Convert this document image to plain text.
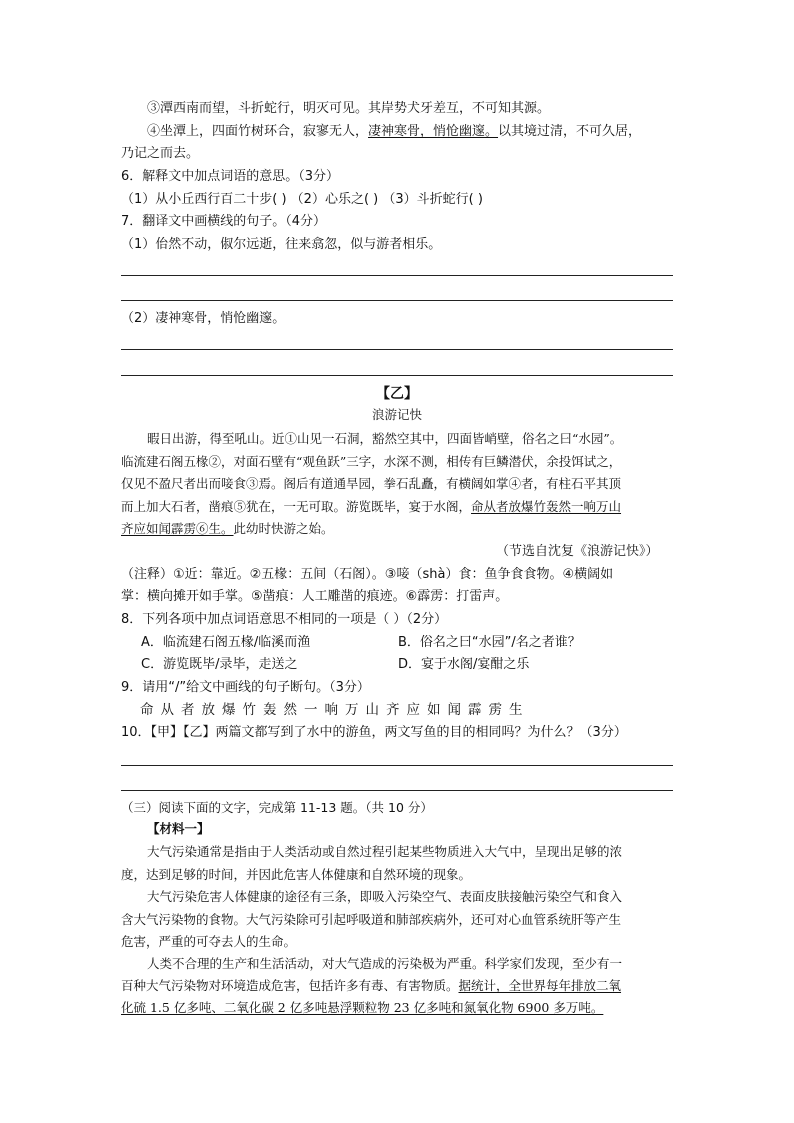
③潭西南而望，斗折蛇行，明灭可见。其岸势犬牙差互，不可知其源。
④坐潭上，四面竹树环合，寂寥无人，凄神寒骨，悄怆幽邃。以其境过清，不可久居，
乃记之而去。
6．解释文中加点词语的意思。（3分）
（1）从小丘西行百二十步( ) （2）心乐之( ) （3）斗折蛇行( )
7．翻译文中画横线的句子。（4分）
（1）佁然不动，俶尔远逝，往来翕忽，似与游者相乐。
（2）凄神寒骨，悄怆幽邃。
【乙】
浪游记快
暇日出游，得至吼山。近①山见一石洞，豁然空其中，四面皆峭壁，俗名之曰“水园”。
临流建石阁五椽②，对面石壁有“观鱼跃”三字，水深不测，相传有巨鳞潜伏，余投饵试之，
仅见不盈尺者出而唼食③焉。阁后有道通旱园，拳石乱矗，有横阔如掌④者，有柱石平其顶
而上加大石者，凿痕⑤犹在，一无可取。游览既毕，宴于水阁，命从者放爆竹轰然一响万山
齐应如闻霹雳⑥生。此幼时快游之始。
（节选自沈复《浪游记快》）
（注释）①近：靠近。②五椽：五间（石阁）。③唼（shà）食：鱼争食食物。④横阔如
掌：横向摊开如手掌。⑤凿痕：人工雕凿的痕迹。⑥霹雳：打雷声。
8．下列各项中加点词语意思不相同的一项是（ ）（2分）
A．临流建石阁五椽/临溪而渔	B．俗名之曰“水园”/名之者谁？
C．游览既毕/录毕，走送之	D．宴于水阁/宴酣之乐
9．请用“/”给文中画线的句子断句。（3分）
命从者放爆竹轰然一响万山齐应如闻霹雳生
10．【甲】【乙】两篇文都写到了水中的游鱼，两文写鱼的目的相同吗？为什么？（3分）
（三）阅读下面的文字，完成第 11-13 题。（共 10 分）
【材料一】
大气污染通常是指由于人类活动或自然过程引起某些物质进入大气中，呈现出足够的浓
度，达到足够的时间，并因此危害人体健康和自然环境的现象。
大气污染危害人体健康的途径有三条，即吸入污染空气、表面皮肤接触污染空气和食入
含大气污染物的食物。大气污染除可引起呼吸道和肺部疾病外，还可对心血管系统肝等产生
危害，严重的可夺去人的生命。
人类不合理的生产和生活活动，对大气造成的污染极为严重。科学家们发现，至少有一
百种大气污染物对环境造成危害，包括许多有毒、有害物质。据统计，全世界每年排放二氧
化硫 1.5 亿多吨、二氧化碳 2 亿多吨悬浮颗粒物 23 亿多吨和氮氧化物 6900 多万吨。
